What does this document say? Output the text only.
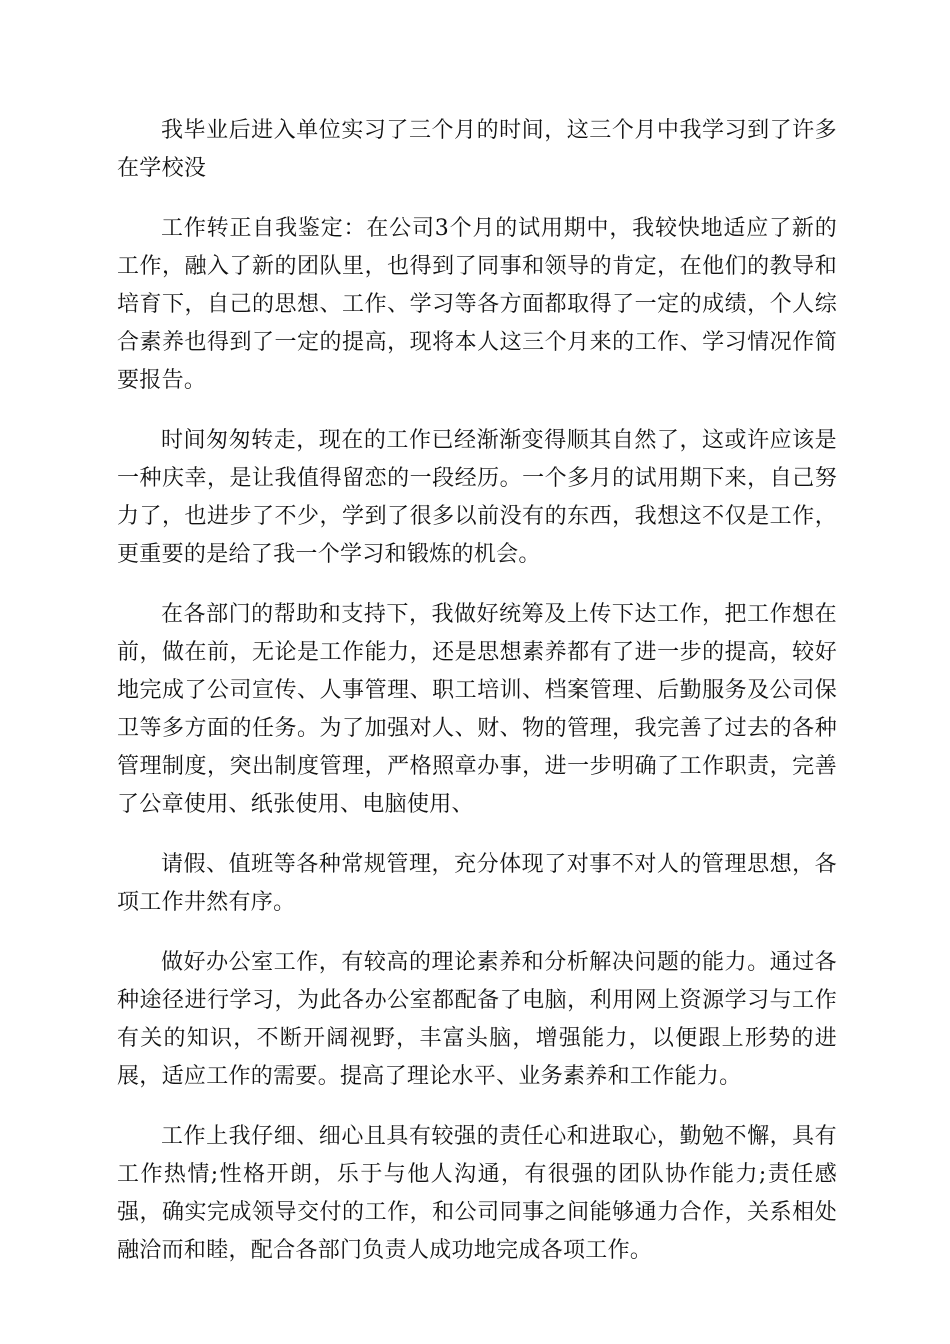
我毕业后进入单位实习了三个月的时间，这三个月中我学习到了许多在学校没

工作转正自我鉴定：在公司3个月的试用期中，我较快地适应了新的工作，融入了新的团队里，也得到了同事和领导的肯定，在他们的教导和培育下，自己的思想、工作、学习等各方面都取得了一定的成绩，个人综合素养也得到了一定的提高，现将本人这三个月来的工作、学习情况作简要报告。

时间匆匆转走，现在的工作已经渐渐变得顺其自然了，这或许应该是一种庆幸，是让我值得留恋的一段经历。一个多月的试用期下来，自己努力了，也进步了不少，学到了很多以前没有的东西，我想这不仅是工作，更重要的是给了我一个学习和锻炼的机会。

在各部门的帮助和支持下，我做好统筹及上传下达工作，把工作想在前，做在前，无论是工作能力，还是思想素养都有了进一步的提高，较好地完成了公司宣传、人事管理、职工培训、档案管理、后勤服务及公司保卫等多方面的任务。为了加强对人、财、物的管理，我完善了过去的各种管理制度，突出制度管理，严格照章办事，进一步明确了工作职责，完善了公章使用、纸张使用、电脑使用、

请假、值班等各种常规管理，充分体现了对事不对人的管理思想，各项工作井然有序。

做好办公室工作，有较高的理论素养和分析解决问题的能力。通过各种途径进行学习，为此各办公室都配备了电脑，利用网上资源学习与工作有关的知识，不断开阔视野，丰富头脑，增强能力，以便跟上形势的进展，适应工作的需要。提高了理论水平、业务素养和工作能力。

工作上我仔细、细心且具有较强的责任心和进取心，勤勉不懈，具有工作热情;性格开朗，乐于与他人沟通，有很强的团队协作能力;责任感强，确实完成领导交付的工作，和公司同事之间能够通力合作，关系相处融洽而和睦，配合各部门负责人成功地完成各项工作。
